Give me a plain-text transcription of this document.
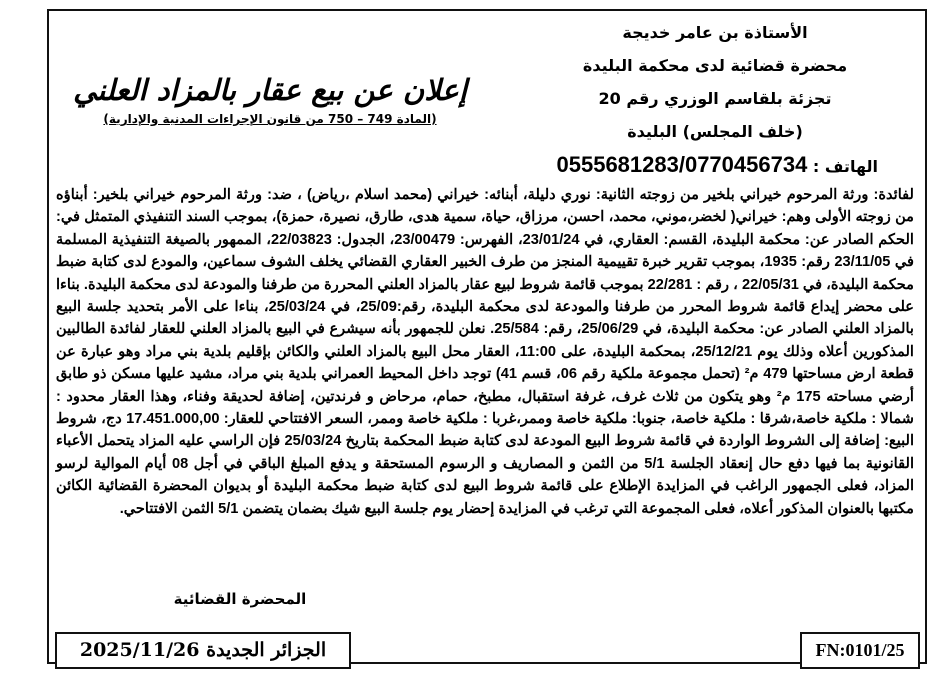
الأستاذة بن عامر خديجة
محضرة قضائية لدى محكمة البليدة
تجزئة بلقاسم الوزري رقم 20
(خلف المجلس) البليدة
الهاتف : 0555681283/0770456734
إعلان عن بيع عقار بالمزاد العلني
(المادة 749 – 750 من قانون الإجراءات المدنية والإدارية)
لفائدة: ورثة المرحوم خيراني بلخير من زوجته الثانية: نوري دليلة، أبنائه: خيراني (محمد اسلام ،رياض) ، ضد: ورثة المرحوم خيراني بلخير: أبناؤه من زوجته الأولى وهم: خيراني( لخضر،موني، محمد، احسن، مرزاق، حياة، سمية هدى، طارق، نصيرة، حمزة)، بموجب السند التنفيذي المتمثل في: الحكم الصادر عن: محكمة البليدة، القسم: العقاري، في 23/01/24، الفهرس: 23/00479، الجدول: 22/03823، الممهور بالصيغة التنفيذية المسلمة في 23/11/05 رقم: 1935، بموجب تقرير خبرة تقييمية المنجز من طرف الخبير العقاري القضائي يخلف الشوف سماعين، والمودع لدى كتابة ضبط محكمة البليدة، في 22/05/31 ، رقم : 22/281 بموجب قائمة شروط لبيع عقار بالمزاد العلني المحررة من طرفنا والمودعة لدى محكمة البليدة. بناءا على محضر إيداع قائمة شروط المحرر من طرفنا والمودعة لدى محكمة البليدة، رقم:25/09، في 25/03/24، بناءا على الأمر بتحديد جلسة البيع بالمزاد العلني الصادر عن: محكمة البليدة، في 25/06/29، رقم: 25/584. نعلن للجمهور بأنه سيشرع في البيع بالمزاد العلني للعقار لفائدة الطالبين المذكورين أعلاه وذلك يوم 25/12/21، بمحكمة البليدة، على 11:00، العقار محل البيع بالمزاد العلني والكائن بإقليم بلدية بني مراد وهو عبارة عن قطعة ارض مساحتها 479 م² (تحمل مجموعة ملكية رقم 06، قسم 41) توجد داخل المحيط العمراني بلدية بني مراد، مشيد عليها مسكن ذو طابق أرضي مساحته 175 م² وهو يتكون من ثلاث غرف، غرفة استقبال، مطبخ، حمام، مرحاض و فرندتين، إضافة لحديقة وفناء، وهذا العقار محدود : شمالا : ملكية خاصة،شرقا : ملكية خاصة، جنوبا: ملكية خاصة وممر،غربا : ملكية خاصة وممر، السعر الافتتاحي للعقار: 17.451.000,00 دج، شروط البيع: إضافة إلى الشروط الواردة في قائمة شروط البيع المودعة لدى كتابة ضبط المحكمة بتاريخ 25/03/24 فإن الراسي عليه المزاد يتحمل الأعباء القانونية بما فيها دفع حال إنعقاد الجلسة 5/1 من الثمن و المصاريف و الرسوم المستحقة و يدفع المبلغ الباقي في أجل 08 أيام الموالية لرسو المزاد، فعلى الجمهور الراغب في المزايدة الإطلاع على قائمة شروط البيع لدى كتابة ضبط محكمة البليدة أو بديوان المحضرة القضائية الكائن مكتبها بالعنوان المذكور أعلاه، فعلى المجموعة التي ترغب في المزايدة إحضار يوم جلسة البيع شيك بضمان يتضمن 5/1 الثمن الافتتاحي.
المحضرة القضائية
الجزائر الجديدة 2025/11/26	FN:0101/25
